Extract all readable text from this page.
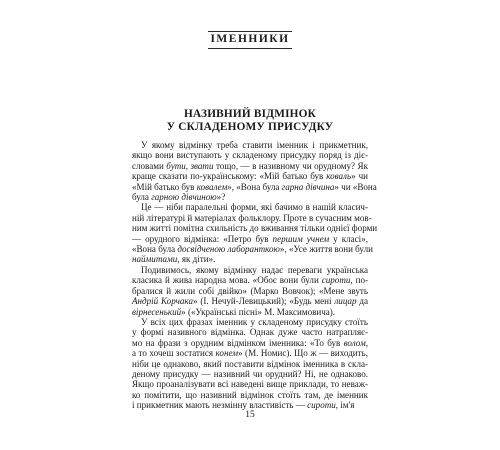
ІМЕННИКИ
НАЗИВНИЙ ВІДМІНОК
У СКЛАДЕНОМУ ПРИСУДКУ
У якому відмінку треба ставити іменник і прикметник,
якщо вони виступають у складеному присудку поряд із діє-
словами бути, звати тощо, — в називному чи орудному? Як
краще сказати по-українському: «Мій батько був коваль» чи
«Мій батько був ковалем», «Вона була гарна дівчина» чи «Вона
була гарною дівчиною»?
Це — ніби паралельні форми, які бачимо в нашій клаcич-
ній літературі й матеріалах фольклору. Проте в сучасним мов-
ним житті помітна схильність до вживання тільки однієї форми
— орудного відмінка: «Петро був першим учнем у класі»,
«Вона була досвідченою лаборанткою», «Усе життя вони були
наймитами, як діти».
Подивимось, якому відмінку надає переваги українська
класика й жива народна мова. «Обоє вони були сироти, по-
бралися й жили собі двійко» (Марко Вовчок); «Мене звуть
Андрій Корчака» (І. Нечуй-Левицький); «Будь мені лицар да
вірнесенький» («Українські пісні» М. Максимовича).
У всіх цих фразах іменник у складеному присудку стоїть
у формі називного відмінка. Однак дуже часто натрапляє-
мо на фрази з орудним відмінком іменника: «То був волом,
а то хочеш зостатися конем» (М. Номис). Що ж — виходить,
ніби це однаково, який поставити відмінок іменника в скла-
деному присудку — називний чи орудний? Ні, не однаково.
Якщо проаналізувати всі наведені вище приклади, то неваж-
ко помітити, що називний відмінок стоїть там, де іменник
і прикметник мають незмінну властивість — сироти, ім'я
15
